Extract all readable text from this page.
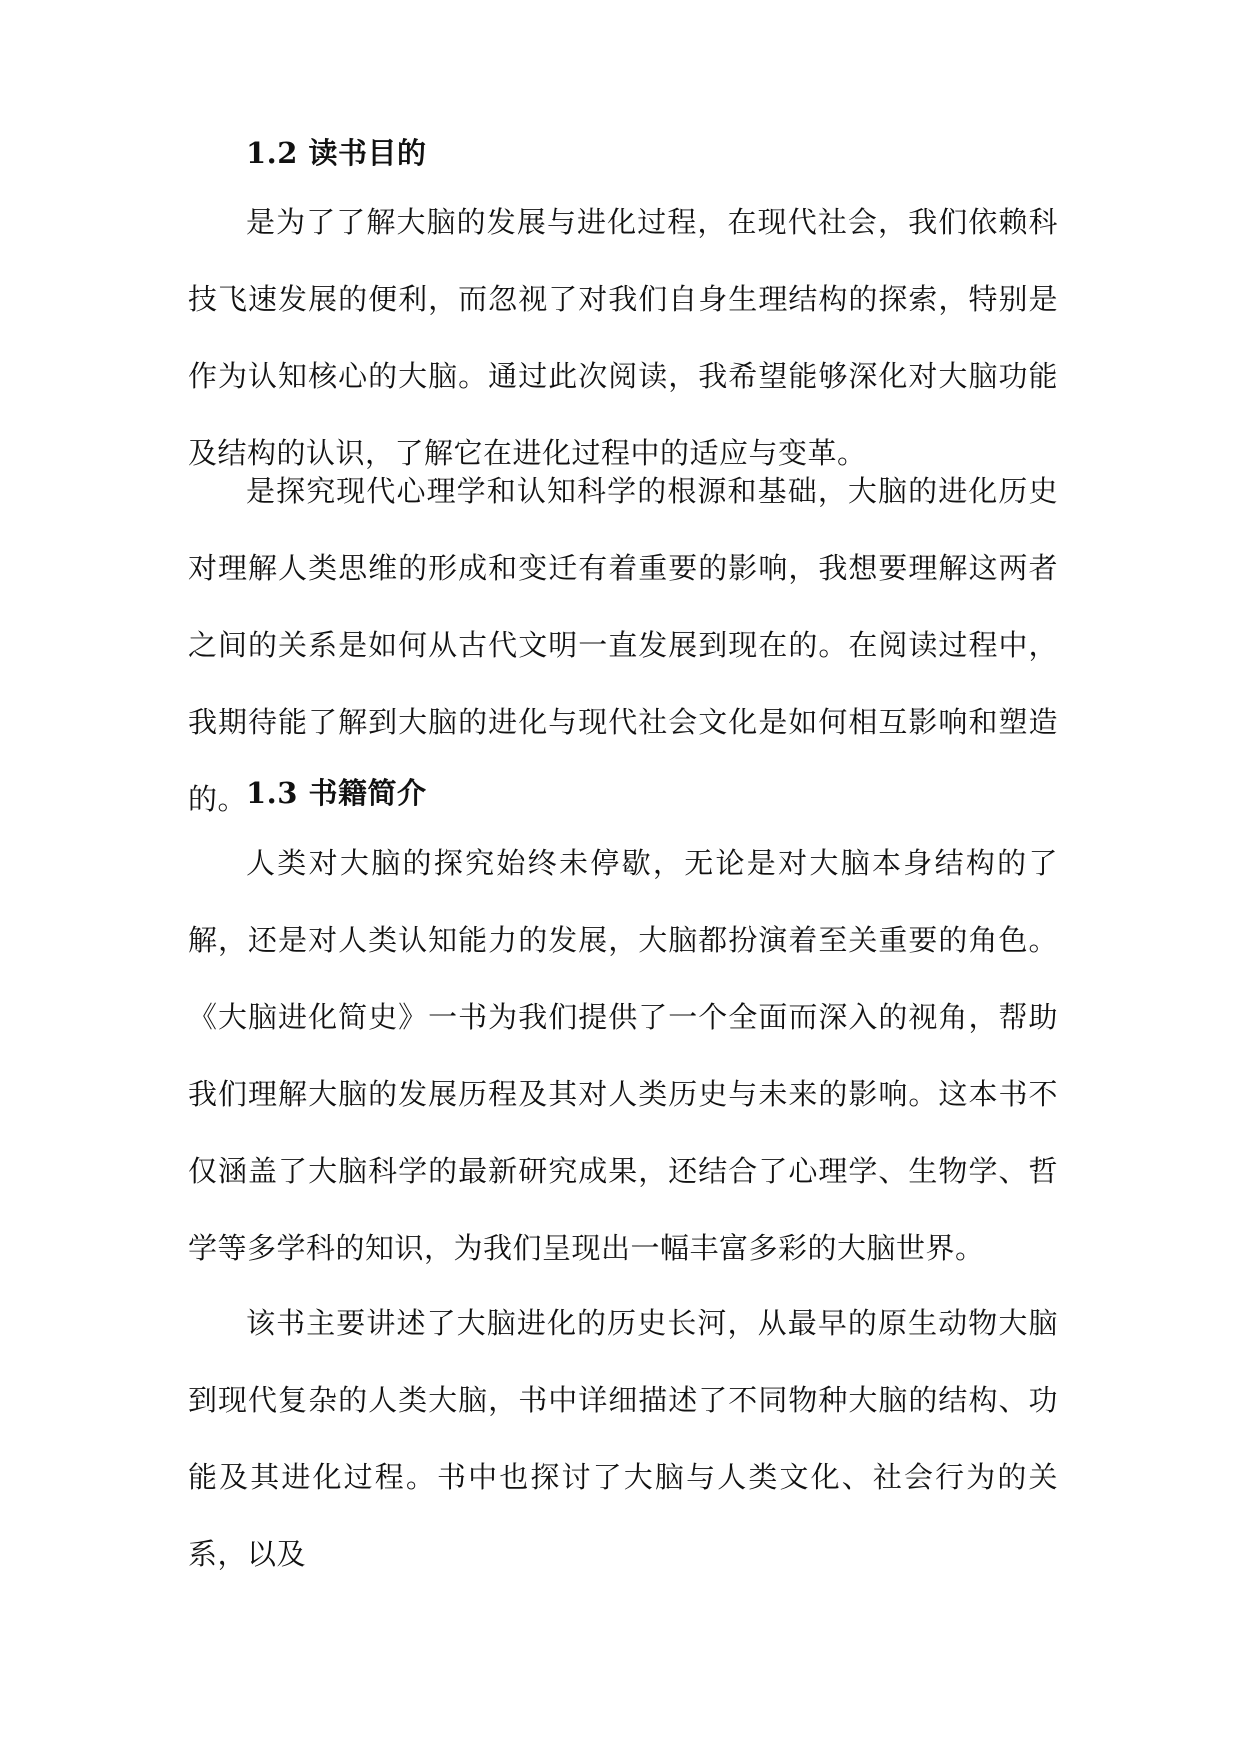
1.2 读书目的
是为了了解大脑的发展与进化过程，在现代社会，我们依赖科技飞速发展的便利，而忽视了对我们自身生理结构的探索，特别是作为认知核心的大脑。通过此次阅读，我希望能够深化对大脑功能及结构的认识，了解它在进化过程中的适应与变革。
是探究现代心理学和认知科学的根源和基础，大脑的进化历史对理解人类思维的形成和变迁有着重要的影响，我想要理解这两者之间的关系是如何从古代文明一直发展到现在的。在阅读过程中，我期待能了解到大脑的进化与现代社会文化是如何相互影响和塑造的。
1.3 书籍简介
人类对大脑的探究始终未停歇，无论是对大脑本身结构的了解，还是对人类认知能力的发展，大脑都扮演着至关重要的角色。《大脑进化简史》一书为我们提供了一个全面而深入的视角，帮助我们理解大脑的发展历程及其对人类历史与未来的影响。这本书不仅涵盖了大脑科学的最新研究成果，还结合了心理学、生物学、哲学等多学科的知识，为我们呈现出一幅丰富多彩的大脑世界。
该书主要讲述了大脑进化的历史长河，从最早的原生动物大脑到现代复杂的人类大脑，书中详细描述了不同物种大脑的结构、功能及其进化过程。书中也探讨了大脑与人类文化、社会行为的关系，以及
